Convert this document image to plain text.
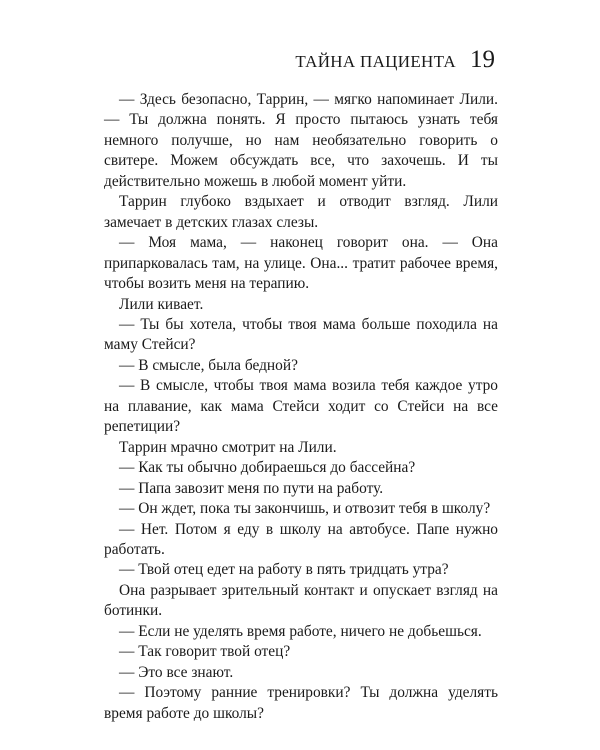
ТАЙНА ПАЦИЕНТА 19

— Здесь безопасно, Таррин, — мягко напоминает Лили. — Ты должна понять. Я просто пытаюсь узнать тебя немного получше, но нам необязательно говорить о свитере. Можем обсуждать все, что захочешь. И ты действительно можешь в любой момент уйти.

Таррин глубоко вздыхает и отводит взгляд. Лили замечает в детских глазах слезы.

— Моя мама, — наконец говорит она. — Она припарковалась там, на улице. Она... тратит рабочее время, чтобы возить меня на терапию.

Лили кивает.

— Ты бы хотела, чтобы твоя мама больше походила на маму Стейси?

— В смысле, была бедной?

— В смысле, чтобы твоя мама возила тебя каждое утро на плавание, как мама Стейси ходит со Стейси на все репетиции?

Таррин мрачно смотрит на Лили.

— Как ты обычно добираешься до бассейна?

— Папа завозит меня по пути на работу.

— Он ждет, пока ты закончишь, и отвозит тебя в школу?

— Нет. Потом я еду в школу на автобусе. Папе нужно работать.

— Твой отец едет на работу в пять тридцать утра?

Она разрывает зрительный контакт и опускает взгляд на ботинки.

— Если не уделять время работе, ничего не добьешься.

— Так говорит твой отец?

— Это все знают.

— Поэтому ранние тренировки? Ты должна уделять время работе до школы?
